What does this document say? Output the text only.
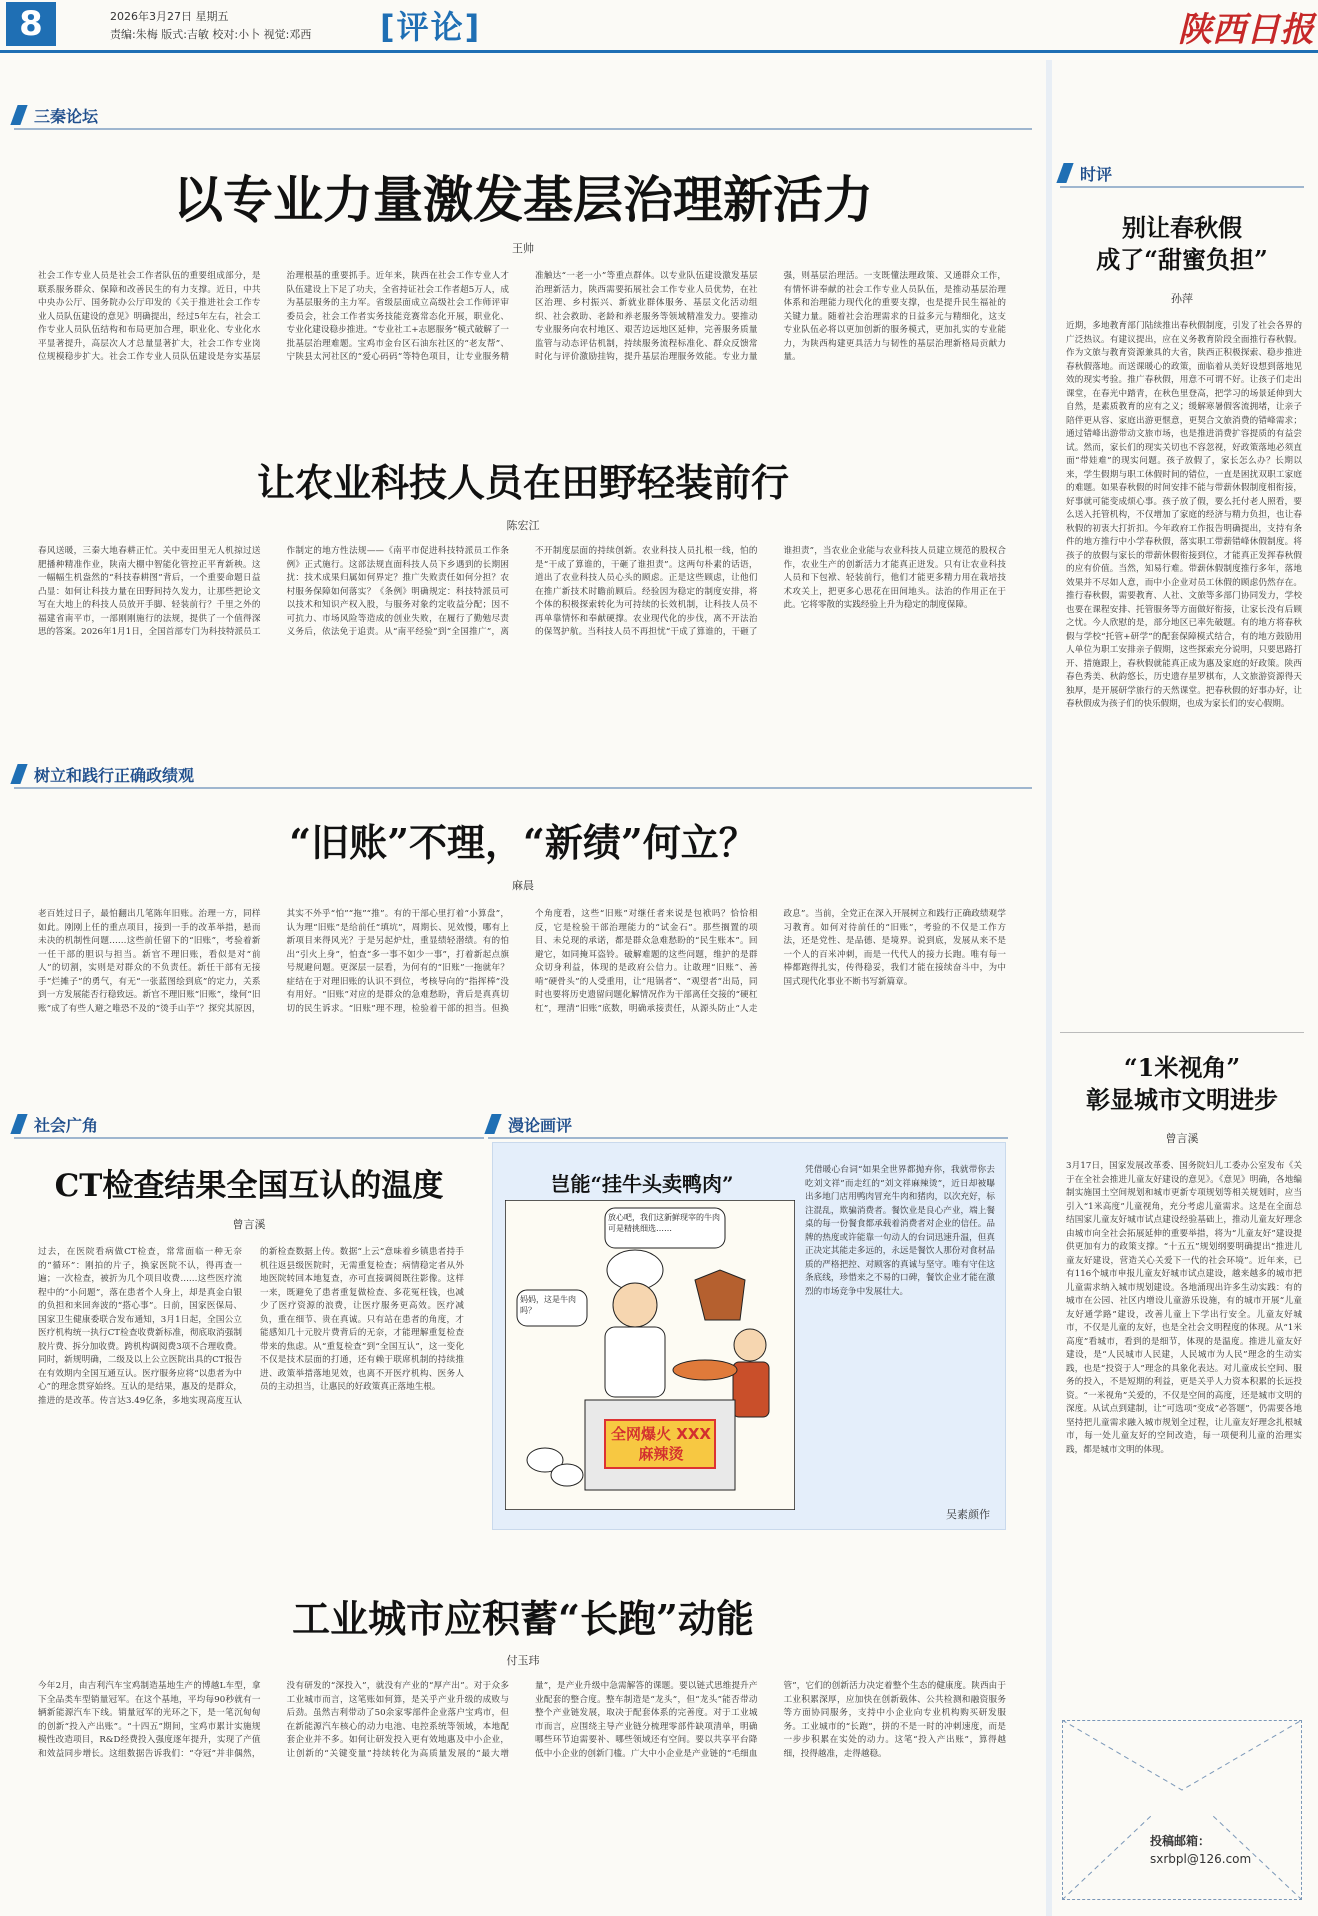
8	2026年3月27日 星期五
责编:朱梅 版式:吉敏 校对:小卜 视觉:邓西 [评论]	陕西日报
三秦论坛
以专业力量激发基层治理新活力
王帅
社会工作专业人员是社会工作者队伍的重要组成部分，是联系服务群众、保障和改善民生的有力支撑。近日，中共中央办公厅、国务院办公厅印发的《关于推进社会工作专业人员队伍建设的意见》明确提出，经过5年左右，社会工作专业人员队伍结构和布局更加合理，职业化、专业化水平显著提升，高层次人才总量显著扩大，社会工作专业岗位规模稳步扩大。社会工作专业人员队伍建设是夯实基层治理根基的重要抓手。近年来，陕西在社会工作专业人才队伍建设上下足了功夫，全省持证社会工作者超5万人，成为基层服务的主力军。省级层面成立高级社会工作师评审委员会，社会工作者实务技能竞赛常态化开展，职业化、专业化建设稳步推进。“专业社工+志愿服务”模式破解了一批基层治理难题。宝鸡市金台区石油东社区的“老友帮”、宁陕县太河社区的“爱心码码”等特色项目，让专业服务精准触达“一老一小”等重点群体。以专业队伍建设激发基层治理新活力，陕西需要拓展社会工作专业人员优势，在社区治理、乡村振兴、新就业群体服务、基层文化活动组织、社会救助、老龄和养老服务等领域精准发力。要推动专业服务向农村地区、艰苦边远地区延伸，完善服务质量监管与动态评估机制，持续服务流程标准化、群众反馈常时化与评价激励挂钩，提升基层治理服务效能。专业力量强，则基层治理活。一支既懂法理政策、又通群众工作，有情怀讲奉献的社会工作专业人员队伍，是推动基层治理体系和治理能力现代化的重要支撑，也是提升民生福祉的关键力量。随着社会治理需求的日益多元与精细化，这支专业队伍必将以更加创新的服务模式，更加扎实的专业能力，为陕西构建更具活力与韧性的基层治理新格局贡献力量。
让农业科技人员在田野轻装前行
陈宏江
春风送暖，三秦大地春耕正忙。关中麦田里无人机掠过送肥播种精准作业，陕南大棚中智能化管控正平育新秧。这一幅幅生机盎然的“科技春耕图”背后，一个重要命题日益凸显：如何让科技力量在田野间持久发力，让那些把论文写在大地上的科技人员放开手脚、轻装前行？千里之外的福建省南平市，一部刚刚施行的法规，提供了一个值得深思的答案。2026年1月1日，全国首部专门为科技特派员工作制定的地方性法规——《南平市促进科技特派员工作条例》正式施行。这部法规直面科技人员下乡遇到的长期困扰：技术成果归属如何界定？推广失败责任如何分担？农村服务保障如何落实？《条例》明确规定：科技特派员可以技术和知识产权入股，与服务对象约定收益分配；因不可抗力、市场风险等造成的创业失败，在履行了勤勉尽责义务后，依法免于追责。从“南平经验”到“全国推广”，离不开制度层面的持续创新。农业科技人员扎根一线，怕的是“干成了算谁的，干砸了谁担责”。这两句朴素的话语，道出了农业科技人员心头的顾虑。正是这些顾虑，让他们在推广新技术时瞻前顾后。经验因为稳定的制度安排，将个体的积极探索转化为可持续的长效机制，让科技人员不再单靠情怀和奉献硬撑。农业现代化的步伐，离不开法治的保驾护航。当科技人员不再担忧“干成了算谁的，干砸了谁担责”，当农业企业能与农业科技人员建立规范的股权合作，农业生产的创新活力才能真正迸发。只有让农业科技人员和下包袱、轻装前行，他们才能更多精力用在栽培技术攻关上，把更多心思花在田间地头。法治的作用正在于此。它将零散的实践经验上升为稳定的制度保障。
树立和践行正确政绩观
“旧账”不理，“新绩”何立？
麻晨
老百姓过日子，最怕翻出几笔陈年旧账。治理一方，同样如此。刚刚上任的重点项目，接到一手的改革举措，悬而未决的机制性问题……这些前任留下的“旧账”，考验着新一任干部的胆识与担当。新官不理旧账，看似是对“前人”的切割，实则是对群众的不负责任。新任干部有无接手“烂摊子”的勇气，有无“一张蓝图绘到底”的定力，关系到一方发展能否行稳致远。新官不理旧账“旧账”，缘何“旧账”成了有些人避之唯恐不及的“烫手山芋”？探究其原因，其实不外乎“怕”“拖”“推”。有的干部心里打着“小算盘”，认为理“旧账”是给前任“填坑”，周期长、见效慢，哪有上新项目来得风光？于是另起炉灶，重显绩轻潜绩。有的怕出“引火上身”，怕查“多一事不如少一事”，打着新起点旗号规避问题。更深层一层看，为何有的“旧账”一拖就年？症结在于对理旧账的认识不到位，考核导向的“指挥棒”没有用好。“旧账”对应的是群众的急难愁盼，背后是真真切切的民生诉求。“旧账”理不理，检验着干部的担当。但换个角度看，这些“旧账”对继任者来说是包袱吗？恰恰相反，它是检验干部治理能力的“试金石”。那些搁置的项目、未兑现的承诺，都是群众急难愁盼的“民生账本”。回避它，如同掩耳盗铃。破解难题的这些问题，维护的是群众切身利益，体现的是政府公信力。让敢理“旧账”、善啃“硬骨头”的人受重用，让“甩锅者”、“观望者”出局，同时也要将历史遗留问题化解情况作为干部离任交接的“硬杠杠”，理清“旧账”底数，明确承接责任，从源头防止“人走政息”。当前，全党正在深入开展树立和践行正确政绩观学习教育。如何对待前任的“旧账”，考验的不仅是工作方法，还是党性、是品德、是境界。说到底，发展从来不是一个人的百米冲刺，而是一代代人的接力长跑。唯有每一棒都跑得扎实，传得稳妥，我们才能在接续奋斗中，为中国式现代化事业不断书写新篇章。
社会广角
CT检查结果全国互认的温度
曾言溪
过去，在医院看病做CT检查，常常面临一种无奈的“循环”：刚拍的片子，换家医院不认，得再查一遍；一次检查，被折为几个项目收费……这些医疗流程中的“小问题”，落在患者个人身上，却是真金白银的负担和来回奔波的“搭心事”。日前，国家医保局、国家卫生健康委联合发布通知，3月1日起，全国公立医疗机构统一执行CT检查收费新标准，彻底取消强制胶片费、拆分加收费。跨机构调阅费3项不合理收费。同时，新规明确，二级及以上公立医院出具的CT报告在有效期内全国互通互认。医疗服务应将“以患者为中心”的理念贯穿始终。互认的是结果，惠及的是群众，推进的是改革。传言达3.49亿条，多地实现高度互认的新检查数据上传。数据“上云”意味着乡镇患者持手机往返县级医院时，无需重复检查；病情稳定者从外地医院转回本地复查，亦可直接调阅既往影像。这样一来，既避免了患者重复做检查、多花冤枉钱，也减少了医疗资源的浪费，让医疗服务更高效。医疗减负，重在细节、贵在真诚。只有站在患者的角度，才能感知几十元胶片费背后的无奈，才能理解重复检查带来的焦虑。从“重复检查”到“全国互认”，这一变化不仅是技术层面的打通，还有赖于联席机制的持续推进、政策举措落地见效，也离不开医疗机构、医务人员的主动担当，让惠民的好政策真正落地生根。
漫论画评
岂能“挂牛头卖鸭肉”
放心吧，我们这新鲜现宰的牛肉可是精挑细选……
妈妈，这是牛肉吗？
全网爆火 XXX麻辣烫
凭借暖心台词“如果全世界都抛弃你，我就带你去吃刘文祥”而走红的“刘文祥麻辣烫”，近日却被曝出多地门店用鸭肉冒充牛肉和猪肉，以次充好，标注混乱，欺骗消费者。餐饮业是良心产业，端上餐桌的每一份餐食都承载着消费者对企业的信任。品牌的热度或许能靠一句动人的台词迅速升温，但真正决定其能走多远的，永远是餐饮人那份对食材品质的严格把控、对顾客的真诚与坚守。唯有守住这条底线，珍惜来之不易的口碑，餐饮企业才能在激烈的市场竞争中发展壮大。
吴素颜作
工业城市应积蓄“长跑”动能
付玉玮
今年2月，由吉利汽车宝鸡制造基地生产的博越L车型，拿下全品类车型销量冠军。在这个基地，平均每90秒就有一辆新能源汽车下线。销量冠军的光环之下，是一笔沉甸甸的创新“投入产出账”。“十四五”期间，宝鸡市累计实施规模性改造项目，R&D经费投入强度逐年提升，实现了产值和效益同步增长。这组数据告诉我们：“夺冠”并非偶然，没有研发的“深投入”，就没有产业的“厚产出”。对于众多工业城市而言，这笔账如何算，是关乎产业升级的成败与后劲。虽然吉利带动了50余家零部件企业落户宝鸡市，但在新能源汽车核心的动力电池、电控系统等领域，本地配套企业并不多。如何让研发投入更有效地惠及中小企业，让创新的“关键变量”持续转化为高质量发展的“最大增量”，是产业升级中急需解答的课题。要以链式思维提升产业配套的整合度。整车制造是“龙头”，但“龙头”能否带动整个产业链发展，取决于配套体系的完善度。对于工业城市而言，应围绕主导产业链分梳理零部件缺项清单，明确哪些环节迫需要补、哪些领域还有空间。要以共享平台降低中小企业的创新门槛。广大中小企业是产业链的“毛细血管”，它们的创新活力决定着整个生态的健康度。陕西由于工业积累深厚，应加快在创新载体、公共检测和融资服务等方面协同服务，支持中小企业向专业机构购买研发服务。工业城市的“长跑”，拼的不是一时的冲刺速度，而是一步步积累在实处的动力。这笔“投入产出账”，算得越细，投得越准，走得越稳。
时评
别让春秋假
成了“甜蜜负担”
孙萍
近期，多地教育部门陆续推出春秋假制度，引发了社会各界的广泛热议。有建议提出，应在义务教育阶段全面推行春秋假。作为文旅与教育资源兼具的大省，陕西正积极探索、稳步推进春秋假落地。而送课暖心的政策，面临着从美好设想到落地见效的现实考验。推广春秋假，用意不可谓不好。让孩子们走出课堂，在春光中踏青，在秋色里登高，把学习的场景延伸到大自然，是素质教育的应有之义；缓解寒暑假客流拥堵，让亲子陪伴更从容、家庭出游更惬意，更契合文旅消费的错峰需求；通过错峰出游带动文旅市场，也是推进消费扩容提质的有益尝试。然而，家长们的现实关切也不容忽视，好政策落地必须直面“带娃难”的现实问题。孩子放假了，家长怎么办？长期以来，学生假期与职工休假时间的错位，一直是困扰双职工家庭的难题。如果春秋假的时间安排不能与带薪休假制度相衔接，好事就可能变成烦心事。孩子放了假，要么托付老人照看，要么送入托管机构，不仅增加了家庭的经济与精力负担，也让春秋假的初衷大打折扣。今年政府工作报告明确提出，支持有条件的地方推行中小学春秋假，落实职工带薪错峰休假制度。将孩子的放假与家长的带薪休假衔接到位，才能真正发挥春秋假的应有价值。当然，知易行难。带薪休假制度推行多年，落地效果并不尽如人意，而中小企业对员工休假的顾虑仍然存在。推行春秋假，需要教育、人社、文旅等多部门协同发力，学校也要在课程安排、托管服务等方面做好衔接，让家长没有后顾之忧。今人欣慰的是，部分地区已率先破题。有的地方将春秋假与学校“托管+研学”的配套保障模式结合，有的地方鼓励用人单位为职工安排亲子假期，这些探索充分说明，只要思路打开、措施跟上，春秋假就能真正成为惠及家庭的好政策。陕西春色秀美、秋韵悠长，历史遗存星罗棋布，人文旅游资源得天独厚，是开展研学旅行的天然课堂。把春秋假的好事办好，让春秋假成为孩子们的快乐假期，也成为家长们的安心假期。
“1米视角”
彰显城市文明进步
曾言溪
3月17日，国家发展改革委、国务院妇儿工委办公室发布《关于在全社会推进儿童友好建设的意见》。《意见》明确，各地编制实施国土空间规划和城市更新专项规划等相关规划时，应当引入“1米高度”儿童视角，充分考虑儿童需求。这是在全面总结国家儿童友好城市试点建设经验基础上，推动儿童友好理念由城市向全社会拓展延伸的重要举措，将为“儿童友好”建设提供更加有力的政策支撑。“十五五”规划纲要明确提出“推进儿童友好建设，营造关心关爱下一代的社会环境”。近年来，已有116个城市申报儿童友好城市试点建设，越来越多的城市把儿童需求纳入城市规划建设。各地涌现出许多生动实践：有的城市在公园、社区内增设儿童游乐设施，有的城市开展“儿童友好通学路”建设，改善儿童上下学出行安全。儿童友好城市，不仅是儿童的友好，也是全社会文明程度的体现。从“1米高度”看城市，看到的是细节，体现的是温度。推进儿童友好建设，是“人民城市人民建，人民城市为人民”理念的生动实践，也是“投资于人”理念的具象化表达。对儿童成长空间、服务的投入，不是短期的利益，更是关乎人力资本积累的长远投资。“一米视角”关爱的，不仅是空间的高度，还是城市文明的深度。从试点到建制，让“可选项”变成“必答题”，仍需要各地坚持把儿童需求融入城市规划全过程，让儿童友好理念扎根城市，每一处儿童友好的空间改造，每一项便利儿童的治理实践，都是城市文明的体现。
投稿邮箱：
sxrbpl@126.com
